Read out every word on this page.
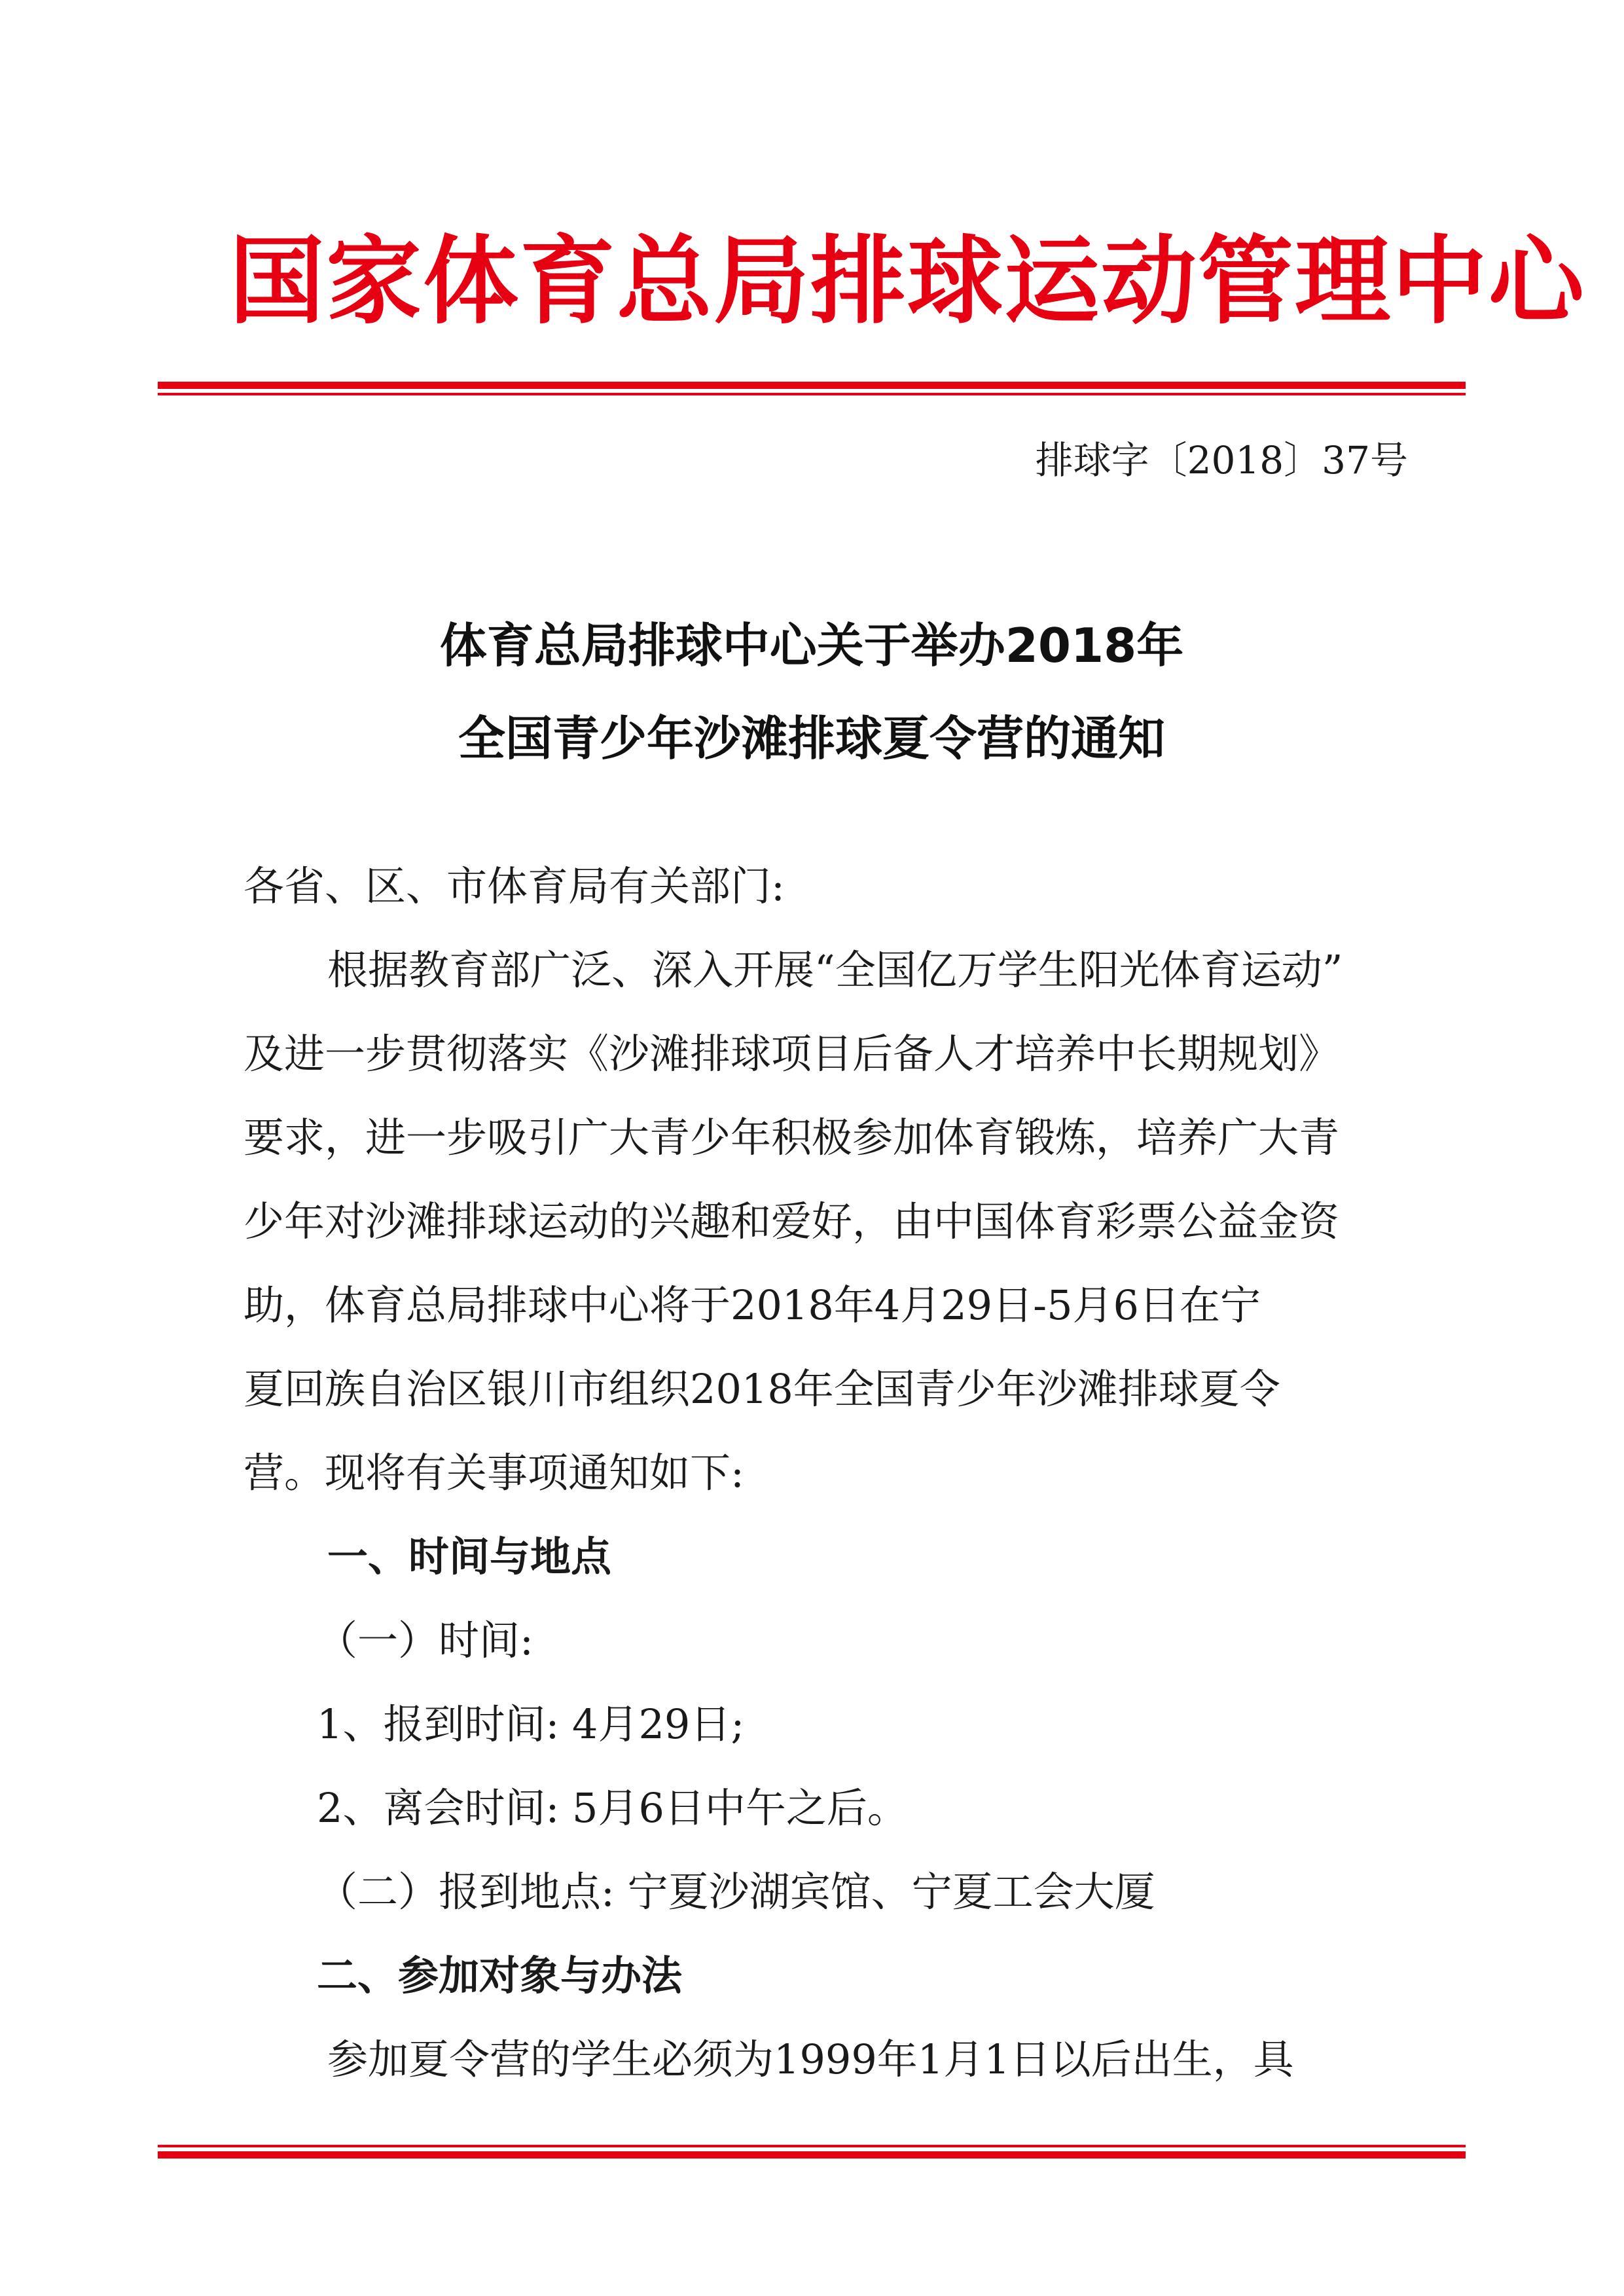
国家体育总局排球运动管理中心
排球字〔2018〕37号
体育总局排球中心关于举办2018年
全国青少年沙滩排球夏令营的通知
各省、区、市体育局有关部门:
根据教育部广泛、深入开展“全国亿万学生阳光体育运动”
及进一步贯彻落实《沙滩排球项目后备人才培养中长期规划》
要求，进一步吸引广大青少年积极参加体育锻炼，培养广大青
少年对沙滩排球运动的兴趣和爱好，由中国体育彩票公益金资
助，体育总局排球中心将于2018年4月29日-5月6日在宁
夏回族自治区银川市组织2018年全国青少年沙滩排球夏令
营。现将有关事项通知如下:
一、时间与地点
（一）时间:
1、报到时间: 4月29日;
2、离会时间: 5月6日中午之后。
（二）报到地点: 宁夏沙湖宾馆、宁夏工会大厦
二、参加对象与办法
参加夏令营的学生必须为1999年1月1日以后出生，具
